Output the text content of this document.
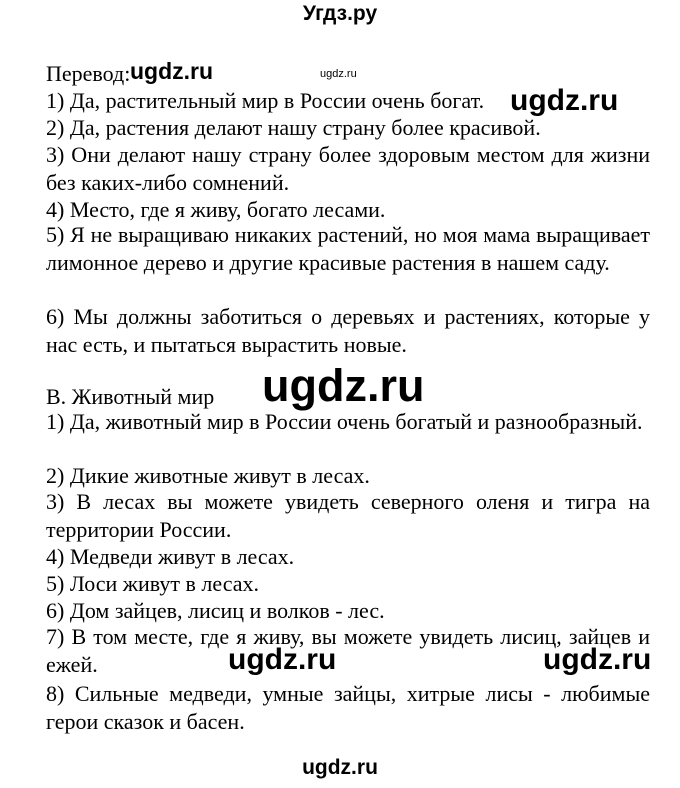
Угдз.ру
Перевод: ugdz.ru	ugdz.ru
1) Да, растительный мир в России очень богат. ugdz.ru
2) Да, растения делают нашу страну более красивой.
3) Они делают нашу страну более здоровым местом для жизни без каких-либо сомнений.
4) Место, где я живу, богато лесами.
5) Я не выращиваю никаких растений, но моя мама выращивает лимонное дерево и другие красивые растения в нашем саду.
6) Мы должны заботиться о деревьях и растениях, которые у нас есть, и пытаться вырастить новые.
B. Животный мир ugdz.ru
1) Да, животный мир в России очень богатый и разнообразный.
2) Дикие животные живут в лесах.
3) В лесах вы можете увидеть северного оленя и тигра на территории России.
4) Медведи живут в лесах.
5) Лоси живут в лесах.
6) Дом зайцев, лисиц и волков - лес.
7) В том месте, где я живу, вы можете увидеть лисиц, зайцев и ежей.	ugdz.ru	ugdz.ru
8) Сильные медведи, умные зайцы, хитрые лисы - любимые герои сказок и басен.
ugdz.ru
